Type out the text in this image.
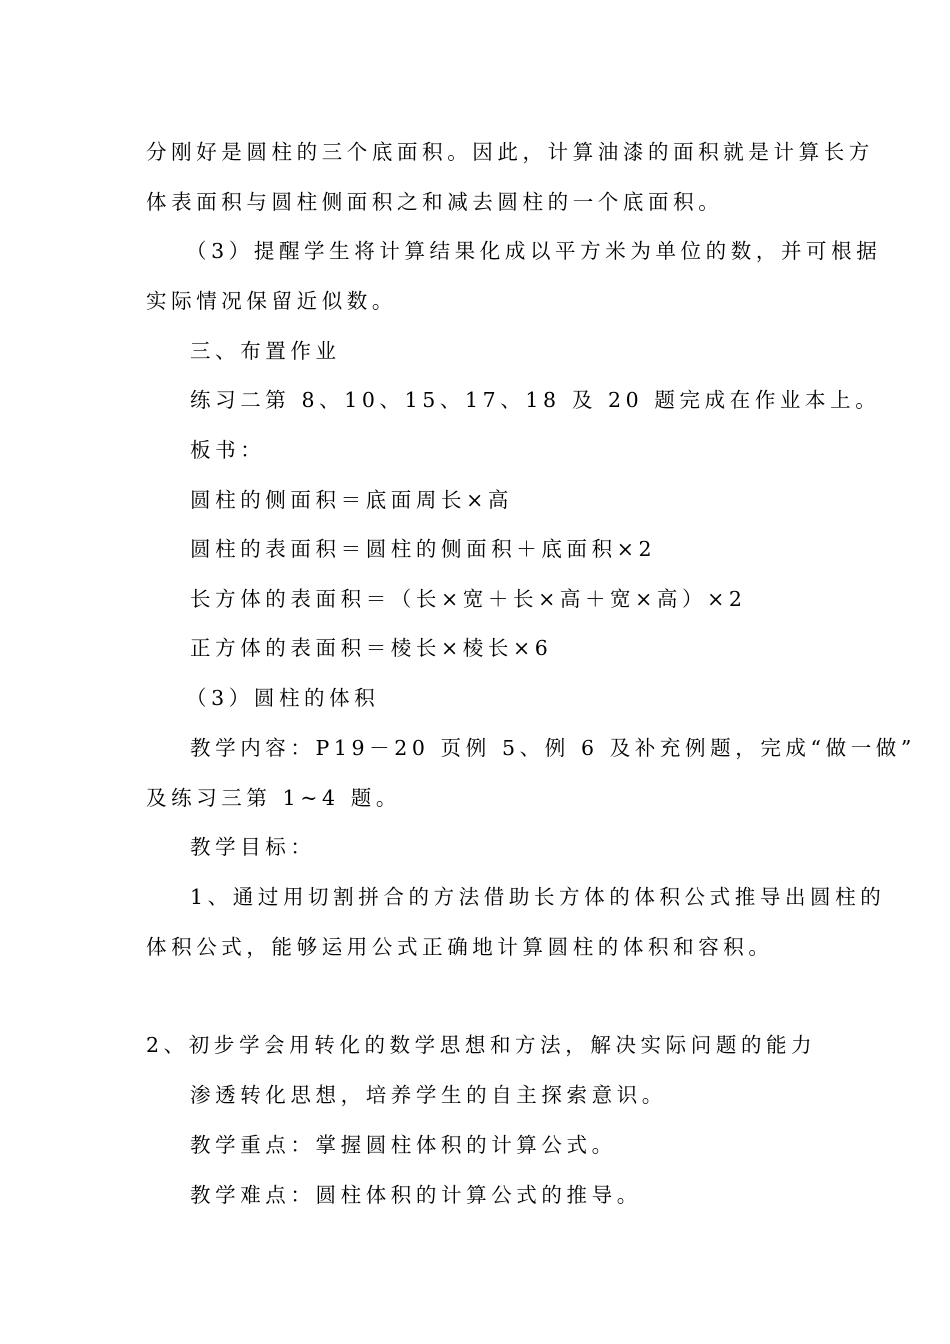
分刚好是圆柱的三个底面积。因此，计算油漆的面积就是计算长方
体表面积与圆柱侧面积之和减去圆柱的一个底面积。
（3）提醒学生将计算结果化成以平方米为单位的数，并可根据
实际情况保留近似数。
三、布置作业
练习二第 8、10、15、17、18 及 20 题完成在作业本上。
板书：
圆柱的侧面积＝底面周长×高
圆柱的表面积＝圆柱的侧面积＋底面积×2
长方体的表面积＝（长×宽＋长×高＋宽×高）×2
正方体的表面积＝棱长×棱长×6
（3）圆柱的体积
教学内容：P19－20 页例 5、例 6 及补充例题，完成“做一做”
及练习三第 1~4 题。
教学目标：
1、通过用切割拼合的方法借助长方体的体积公式推导出圆柱的
体积公式，能够运用公式正确地计算圆柱的体积和容积。
2、初步学会用转化的数学思想和方法，解决实际问题的能力
渗透转化思想，培养学生的自主探索意识。
教学重点：掌握圆柱体积的计算公式。
教学难点：圆柱体积的计算公式的推导。
